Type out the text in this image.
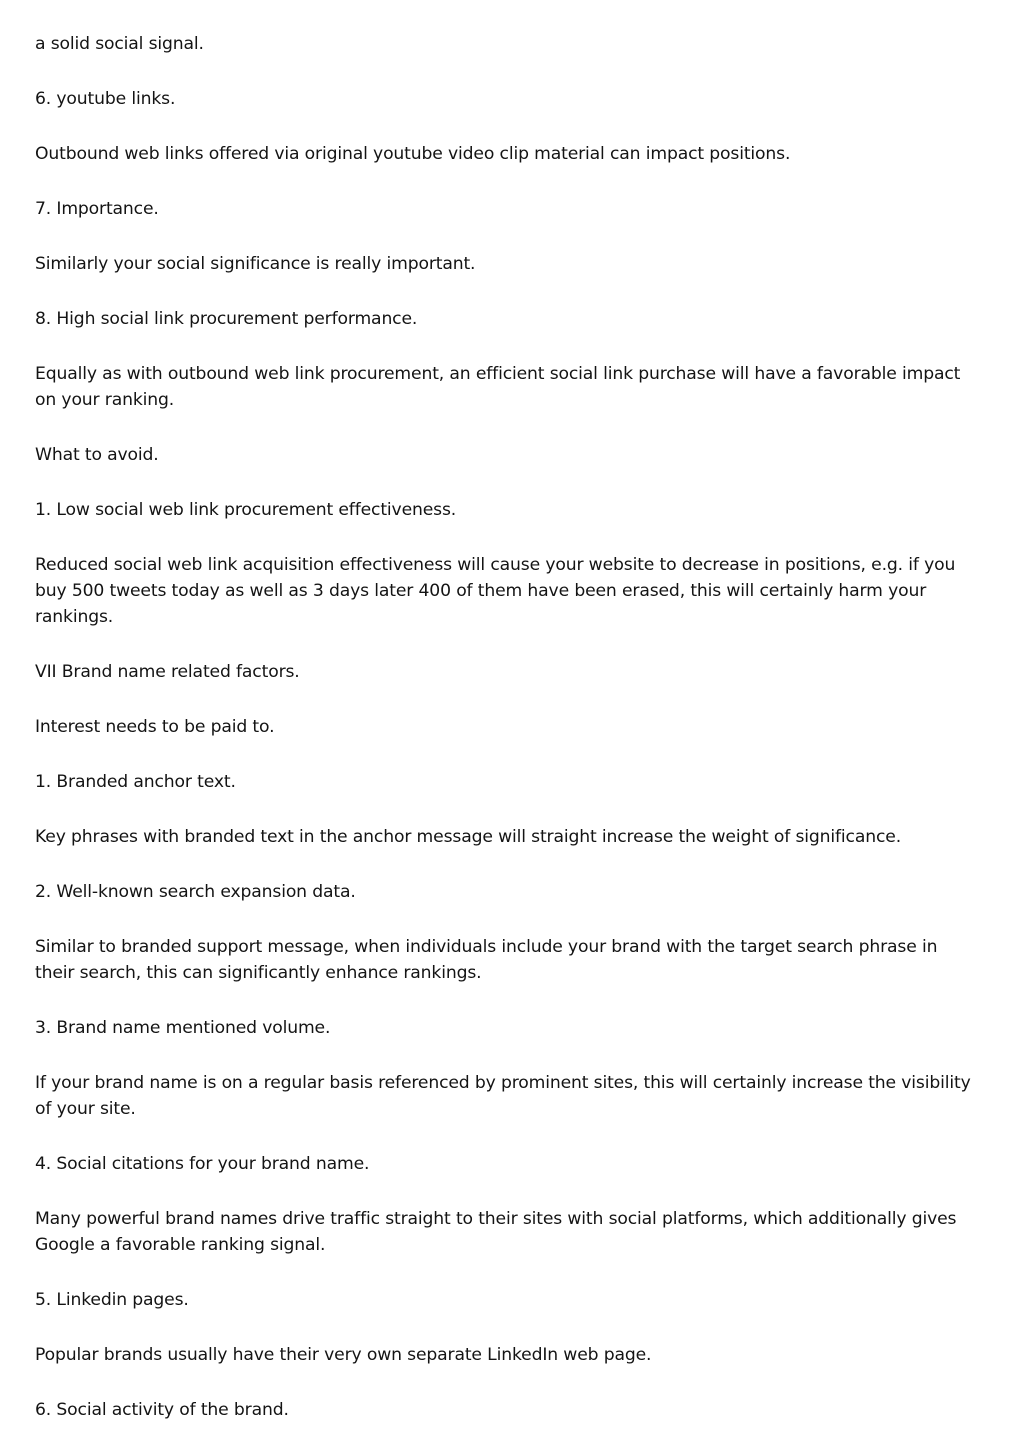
a solid social signal.

6. youtube links.

Outbound web links offered via original youtube video clip material can impact positions.

7. Importance.

Similarly your social significance is really important.

8. High social link procurement performance.

Equally as with outbound web link procurement, an efficient social link purchase will have a favorable impact on your ranking.

What to avoid.

1. Low social web link procurement effectiveness.

Reduced social web link acquisition effectiveness will cause your website to decrease in positions, e.g. if you buy 500 tweets today as well as 3 days later 400 of them have been erased, this will certainly harm your rankings.

VII Brand name related factors.

Interest needs to be paid to.

1. Branded anchor text.

Key phrases with branded text in the anchor message will straight increase the weight of significance.

2. Well-known search expansion data.

Similar to branded support message, when individuals include your brand with the target search phrase in their search, this can significantly enhance rankings.

3. Brand name mentioned volume.

If your brand name is on a regular basis referenced by prominent sites, this will certainly increase the visibility of your site.

4. Social citations for your brand name.

Many powerful brand names drive traffic straight to their sites with social platforms, which additionally gives Google a favorable ranking signal.

5. Linkedin pages.

Popular brands usually have their very own separate LinkedIn web page.

6. Social activity of the brand.
